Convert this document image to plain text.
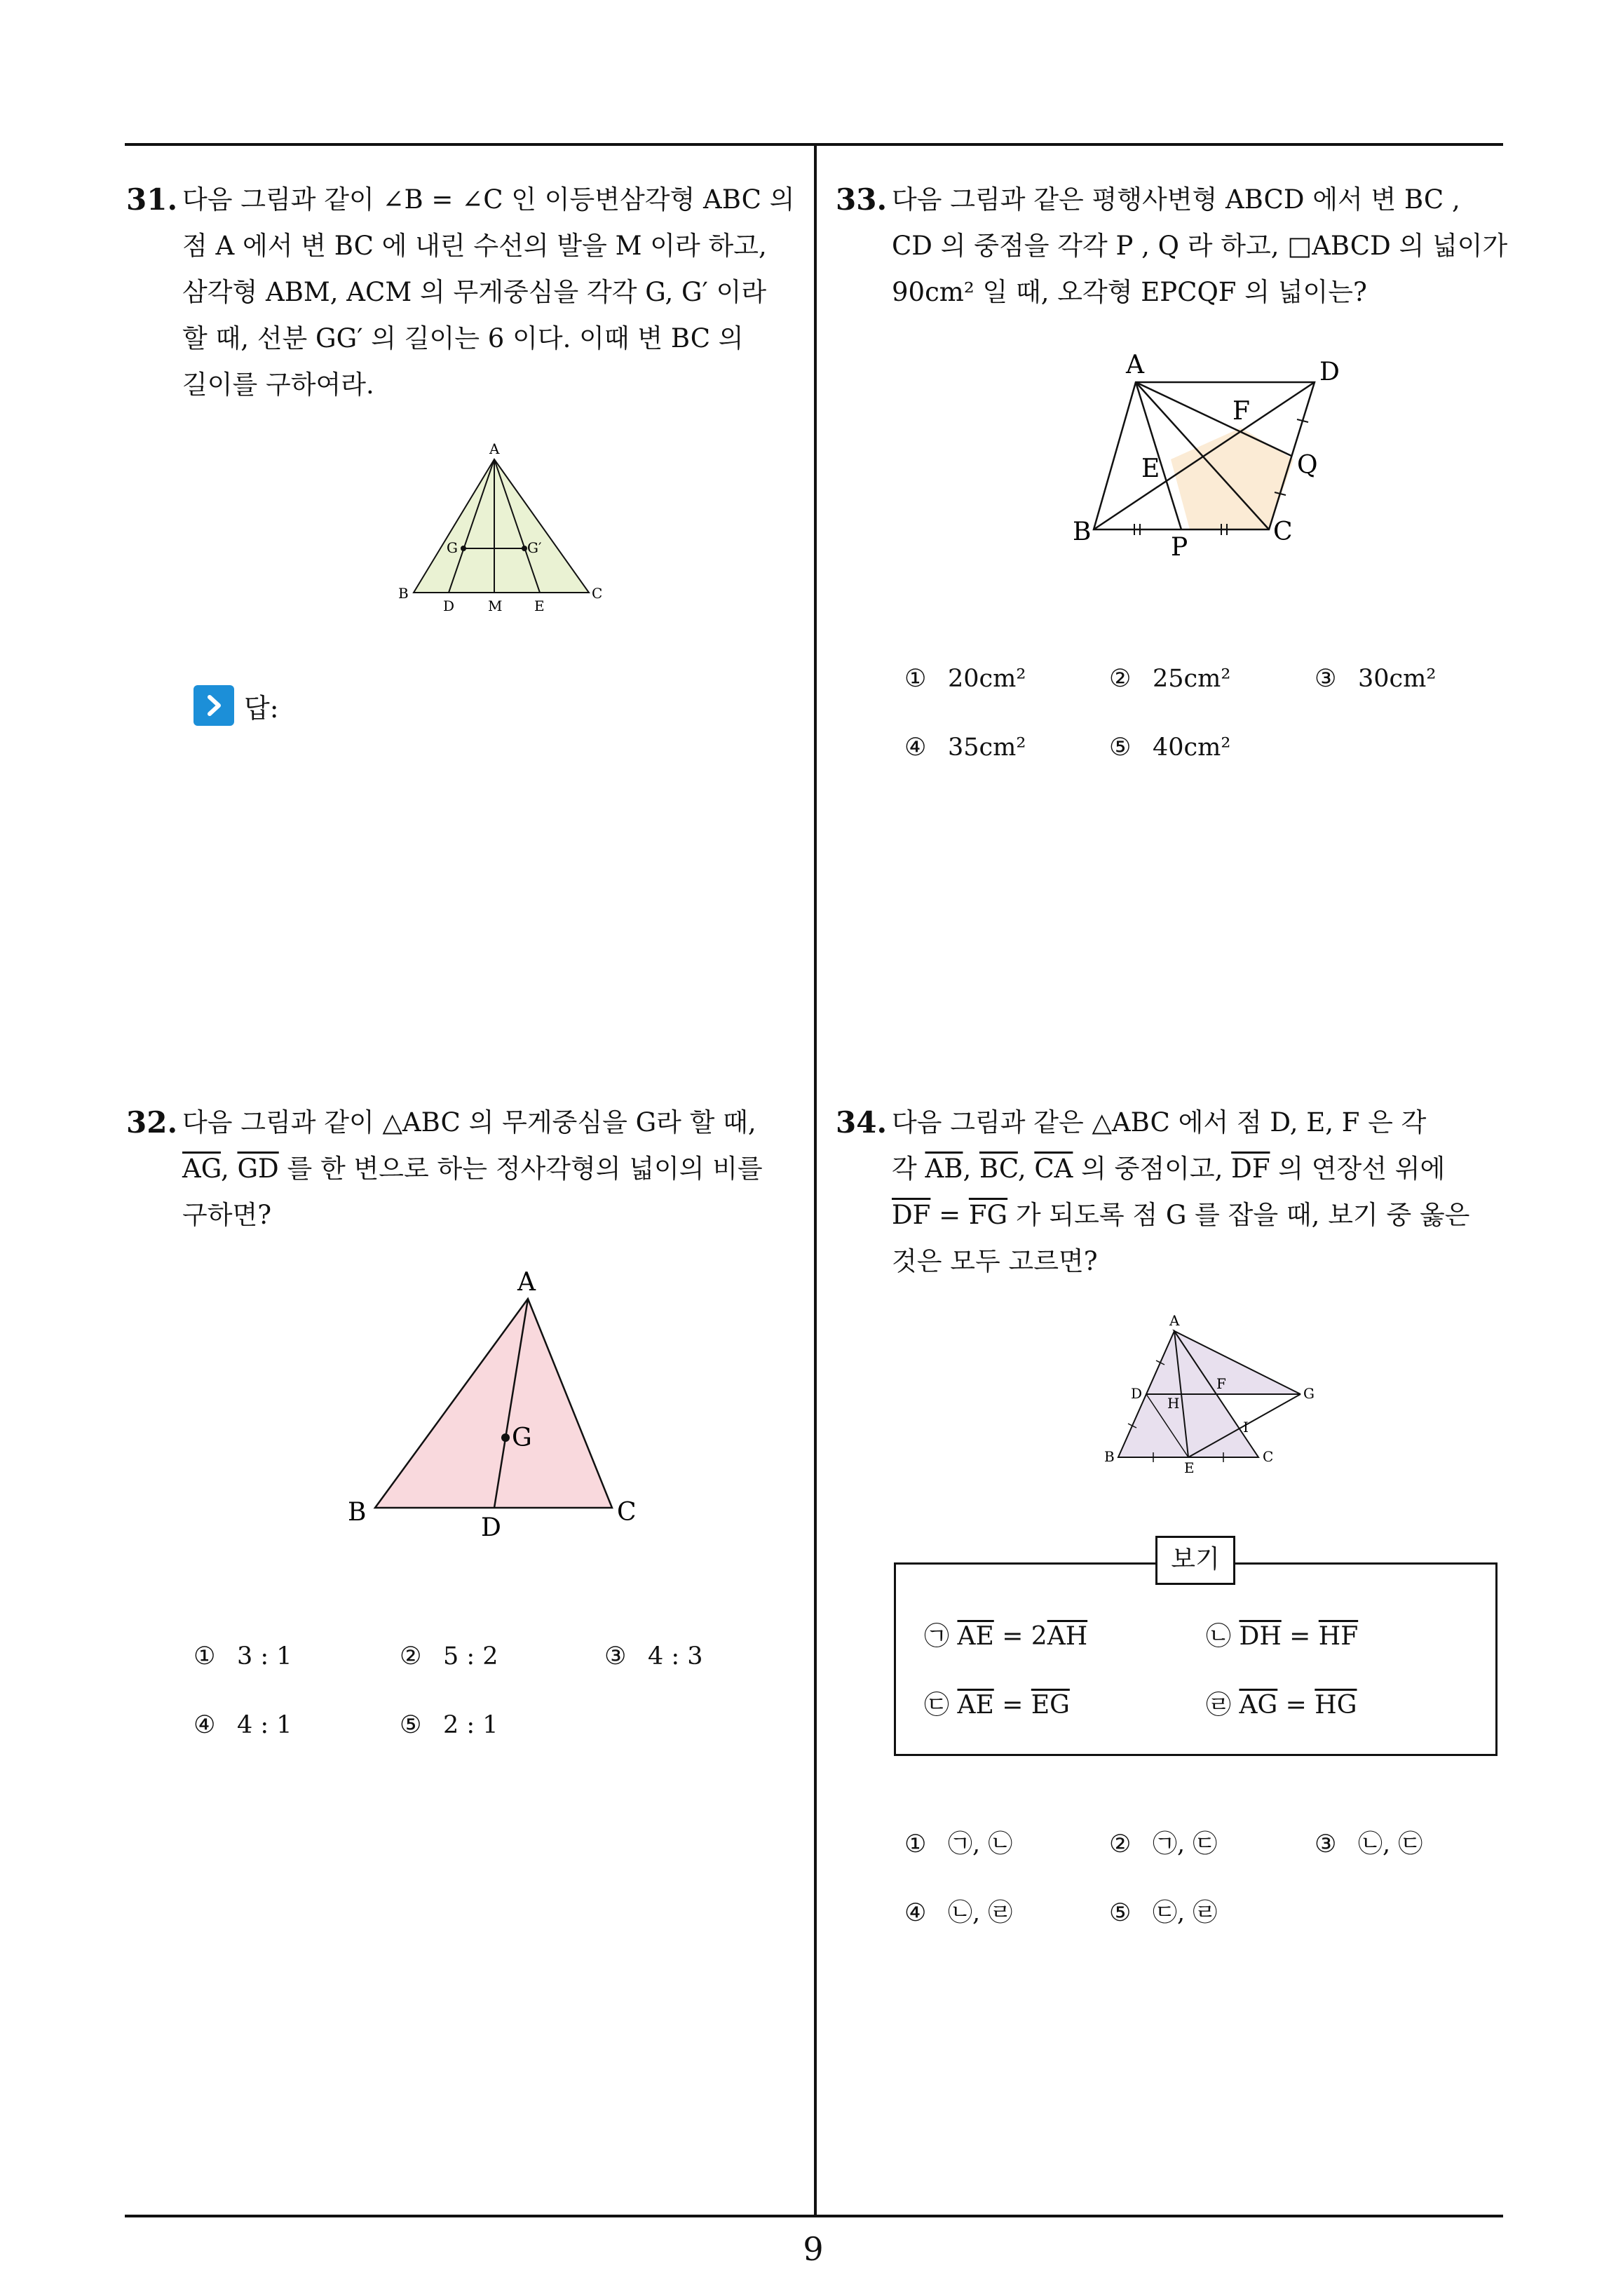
9
31. 다음 그림과 같이 ∠B = ∠C 인 이등변삼각형 ABC 의

점 A 에서 변 BC 에 내린 수선의 발을 M 이라 하고,

삼각형 ABM, ACM 의 무게중심을 각각 G, G′ 이라

할 때, 선분 GG′ 의 길이는 6 이다. 이때 변 BC 의

길이를 구하여라.

A
B	C
D M E
G	G′
답:
33. 다음 그림과 같은 평행사변형 ABCD 에서 변 BC ,

CD 의 중점을 각각 P , Q 라 하고, □ABCD 의 넓이가

90cm² 일 때, 오각형 EPCQF 의 넓이는?

A	D
F
E	Q
B	C
P
① 20cm²	② 25cm²	③ 30cm²
④ 35cm²	⑤ 40cm²
32. 다음 그림과 같이 △ABC 의 무게중심을 G라 할 때,

$\overline{AG}$, $\overline{GD}$ 를 한 변으로 하는 정사각형의 넓이의 비를

구하면?

A
G
B
D
C
① 3 : 1	② 5 : 2	③ 4 : 3
④ 4 : 1	⑤ 2 : 1
34. 다음 그림과 같은 △ABC 에서 점 D, E, F 은 각

각 $\overline{AB}$, $\overline{BC}$, $\overline{CA}$ 의 중점이고, $\overline{DF}$ 의 연장선 위에

$\overline{DF} = \overline{FG}$ 가 되도록 점 G 를 잡을 때, 보기 중 옳은

것은 모두 고르면?

A
D
F
G
H
I
B
E
C
보기
㉠ $\overline{AE} = 2\overline{AH}$	㉡ $\overline{DH} = \overline{HF}$
㉢ $\overline{AE} = \overline{EG}$	㉣ $\overline{AG} = \overline{HG}$
① ㉠, ㉡	② ㉠, ㉢	③ ㉡, ㉢
④ ㉡, ㉣	⑤ ㉢, ㉣
